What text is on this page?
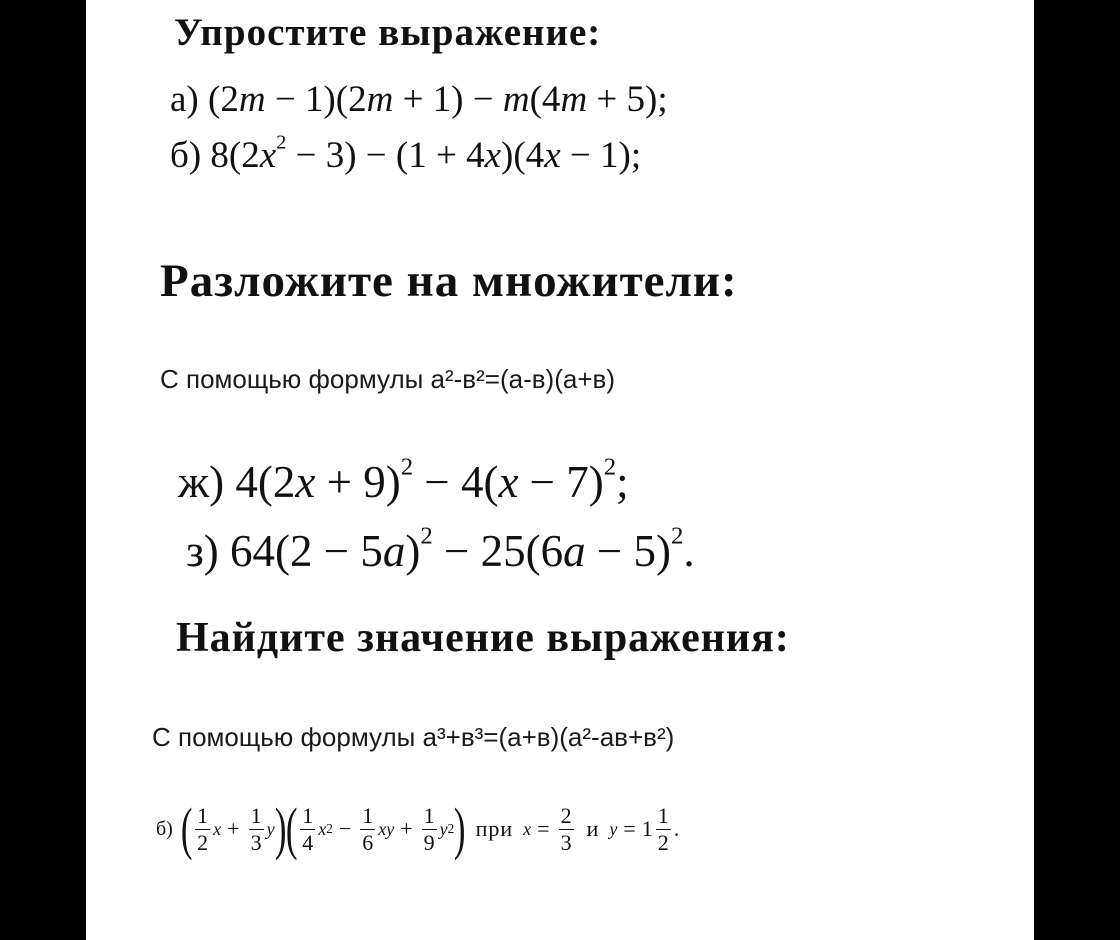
Упростите выражение:
а) (2m − 1)(2m + 1) − m(4m + 5);
б) $8(2x^2 - 3) - (1 + 4x)(4x - 1)$;
Разложите на множители:
С помощью формулы а²-в²=(а-в)(а+в)
ж) $4(2x + 9)^2 - 4(x - 7)^2$;
з) $64(2 - 5a)^2 - 25(6a - 5)^2$.
Найдите значение выражения:
С помощью формулы а³+в³=(а+в)(а²-ав+в²)
б) ( $\frac{1}{2}$ $x + \frac{1}{3}$ y ) ( $\frac{1}{4}$ x $2 - \frac{1}{6}$ xy + $\frac{1}{9}$ y 2 ) при $x = \frac{2}{3}$ и $y = 1 \frac{1}{2}$ .
